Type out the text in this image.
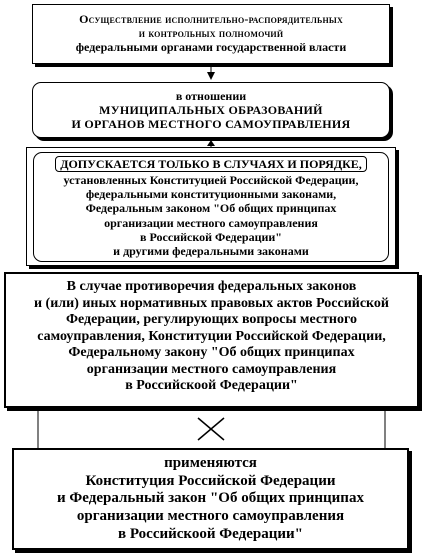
Осуществление исполнительно-распорядительных
и контрольных полномочий
федеральными органами государственной власти
в отношении
МУНИЦИПАЛЬНЫХ ОБРАЗОВАНИЙ
И ОРГАНОВ МЕСТНОГО САМОУПРАВЛЕНИЯ
ДОПУСКАЕТСЯ ТОЛЬКО В СЛУЧАЯХ И ПОРЯДКЕ,
установленных Конституцией Российской Федерации,
федеральными конституционными законами,
Федеральным законом "Об общих принципах
организации местного самоуправления
в Российской Федерации"
и другими федеральными законами
В случае противоречия федеральных законов
и (или) иных нормативных правовых актов Российской
Федерации, регулирующих вопросы местного
самоуправления, Конституции Российской Федерации,
Федеральному закону "Об общих принципах
организации местного самоуправления
в Российскоой Федерации"
применяются
Конституция Российской Федерации
и Федеральный закон "Об общих принципах
организации местного самоуправления
в Российскоой Федерации"
